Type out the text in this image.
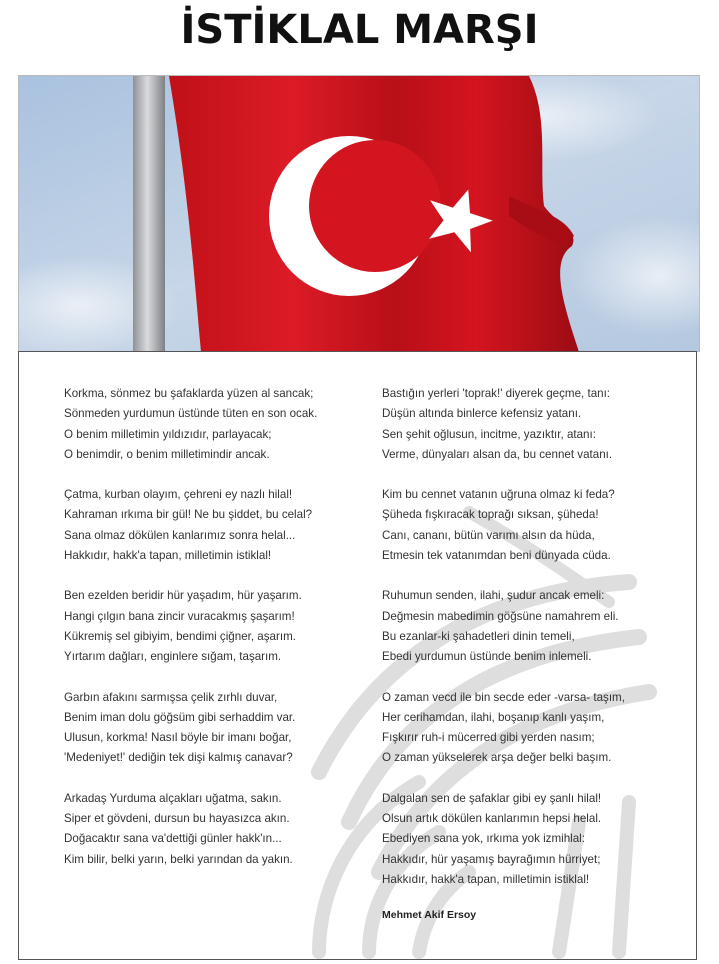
İSTİKLAL MARŞI
Korkma, sönmez bu şafaklarda yüzen al sancak;
Sönmeden yurdumun üstünde tüten en son ocak.
O benim milletimin yıldızıdır, parlayacak;
O benimdir, o benim milletimindir ancak.
Çatma, kurban olayım, çehreni ey nazlı hilal!
Kahraman ırkıma bir gül! Ne bu şiddet, bu celal?
Sana olmaz dökülen kanlarımız sonra helal...
Hakkıdır, hakk'a tapan, milletimin istiklal!
Ben ezelden beridir hür yaşadım, hür yaşarım.
Hangi çılgın bana zincir vuracakmış şaşarım!
Kükremiş sel gibiyim, bendimi çiğner, aşarım.
Yırtarım dağları, enginlere sığam, taşarım.
Garbın afakını sarmışsa çelik zırhlı duvar,
Benim iman dolu göğsüm gibi serhaddim var.
Ulusun, korkma! Nasıl böyle bir imanı boğar,
'Medeniyet!' dediğin tek dişi kalmış canavar?
Arkadaş Yurduma alçakları uğatma, sakın.
Siper et gövdeni, dursun bu hayasızca akın.
Doğacaktır sana va'dettiği günler hakk'ın...
Kim bilir, belki yarın, belki yarından da yakın.
Bastığın yerleri 'toprak!' diyerek geçme, tanı:
Düşün altında binlerce kefensiz yatanı.
Sen şehit oğlusun, incitme, yazıktır, atanı:
Verme, dünyaları alsan da, bu cennet vatanı.
Kim bu cennet vatanın uğruna olmaz ki feda?
Şüheda fışkıracak toprağı sıksan, şüheda!
Canı, cananı, bütün varımı alsın da hüda,
Etmesin tek vatanımdan beni dünyada cüda.
Ruhumun senden, ilahi, şudur ancak emeli:
Değmesin mabedimin göğsüne namahrem eli.
Bu ezanlar-ki şahadetleri dinin temeli,
Ebedi yurdumun üstünde benim inlemeli.
O zaman vecd ile bin secde eder -varsa- taşım,
Her cerihamdan, ilahi, boşanıp kanlı yaşım,
Fışkırır ruh-i mücerred gibi yerden nasım;
O zaman yükselerek arşa değer belki başım.
Dalgalan sen de şafaklar gibi ey şanlı hilal!
Olsun artık dökülen kanlarımın hepsi helal.
Ebediyen sana yok, ırkıma yok izmihlal:
Hakkıdır, hür yaşamış bayrağımın hürriyet;
Hakkıdır, hakk'a tapan, milletimin istiklal!
Mehmet Akif Ersoy
